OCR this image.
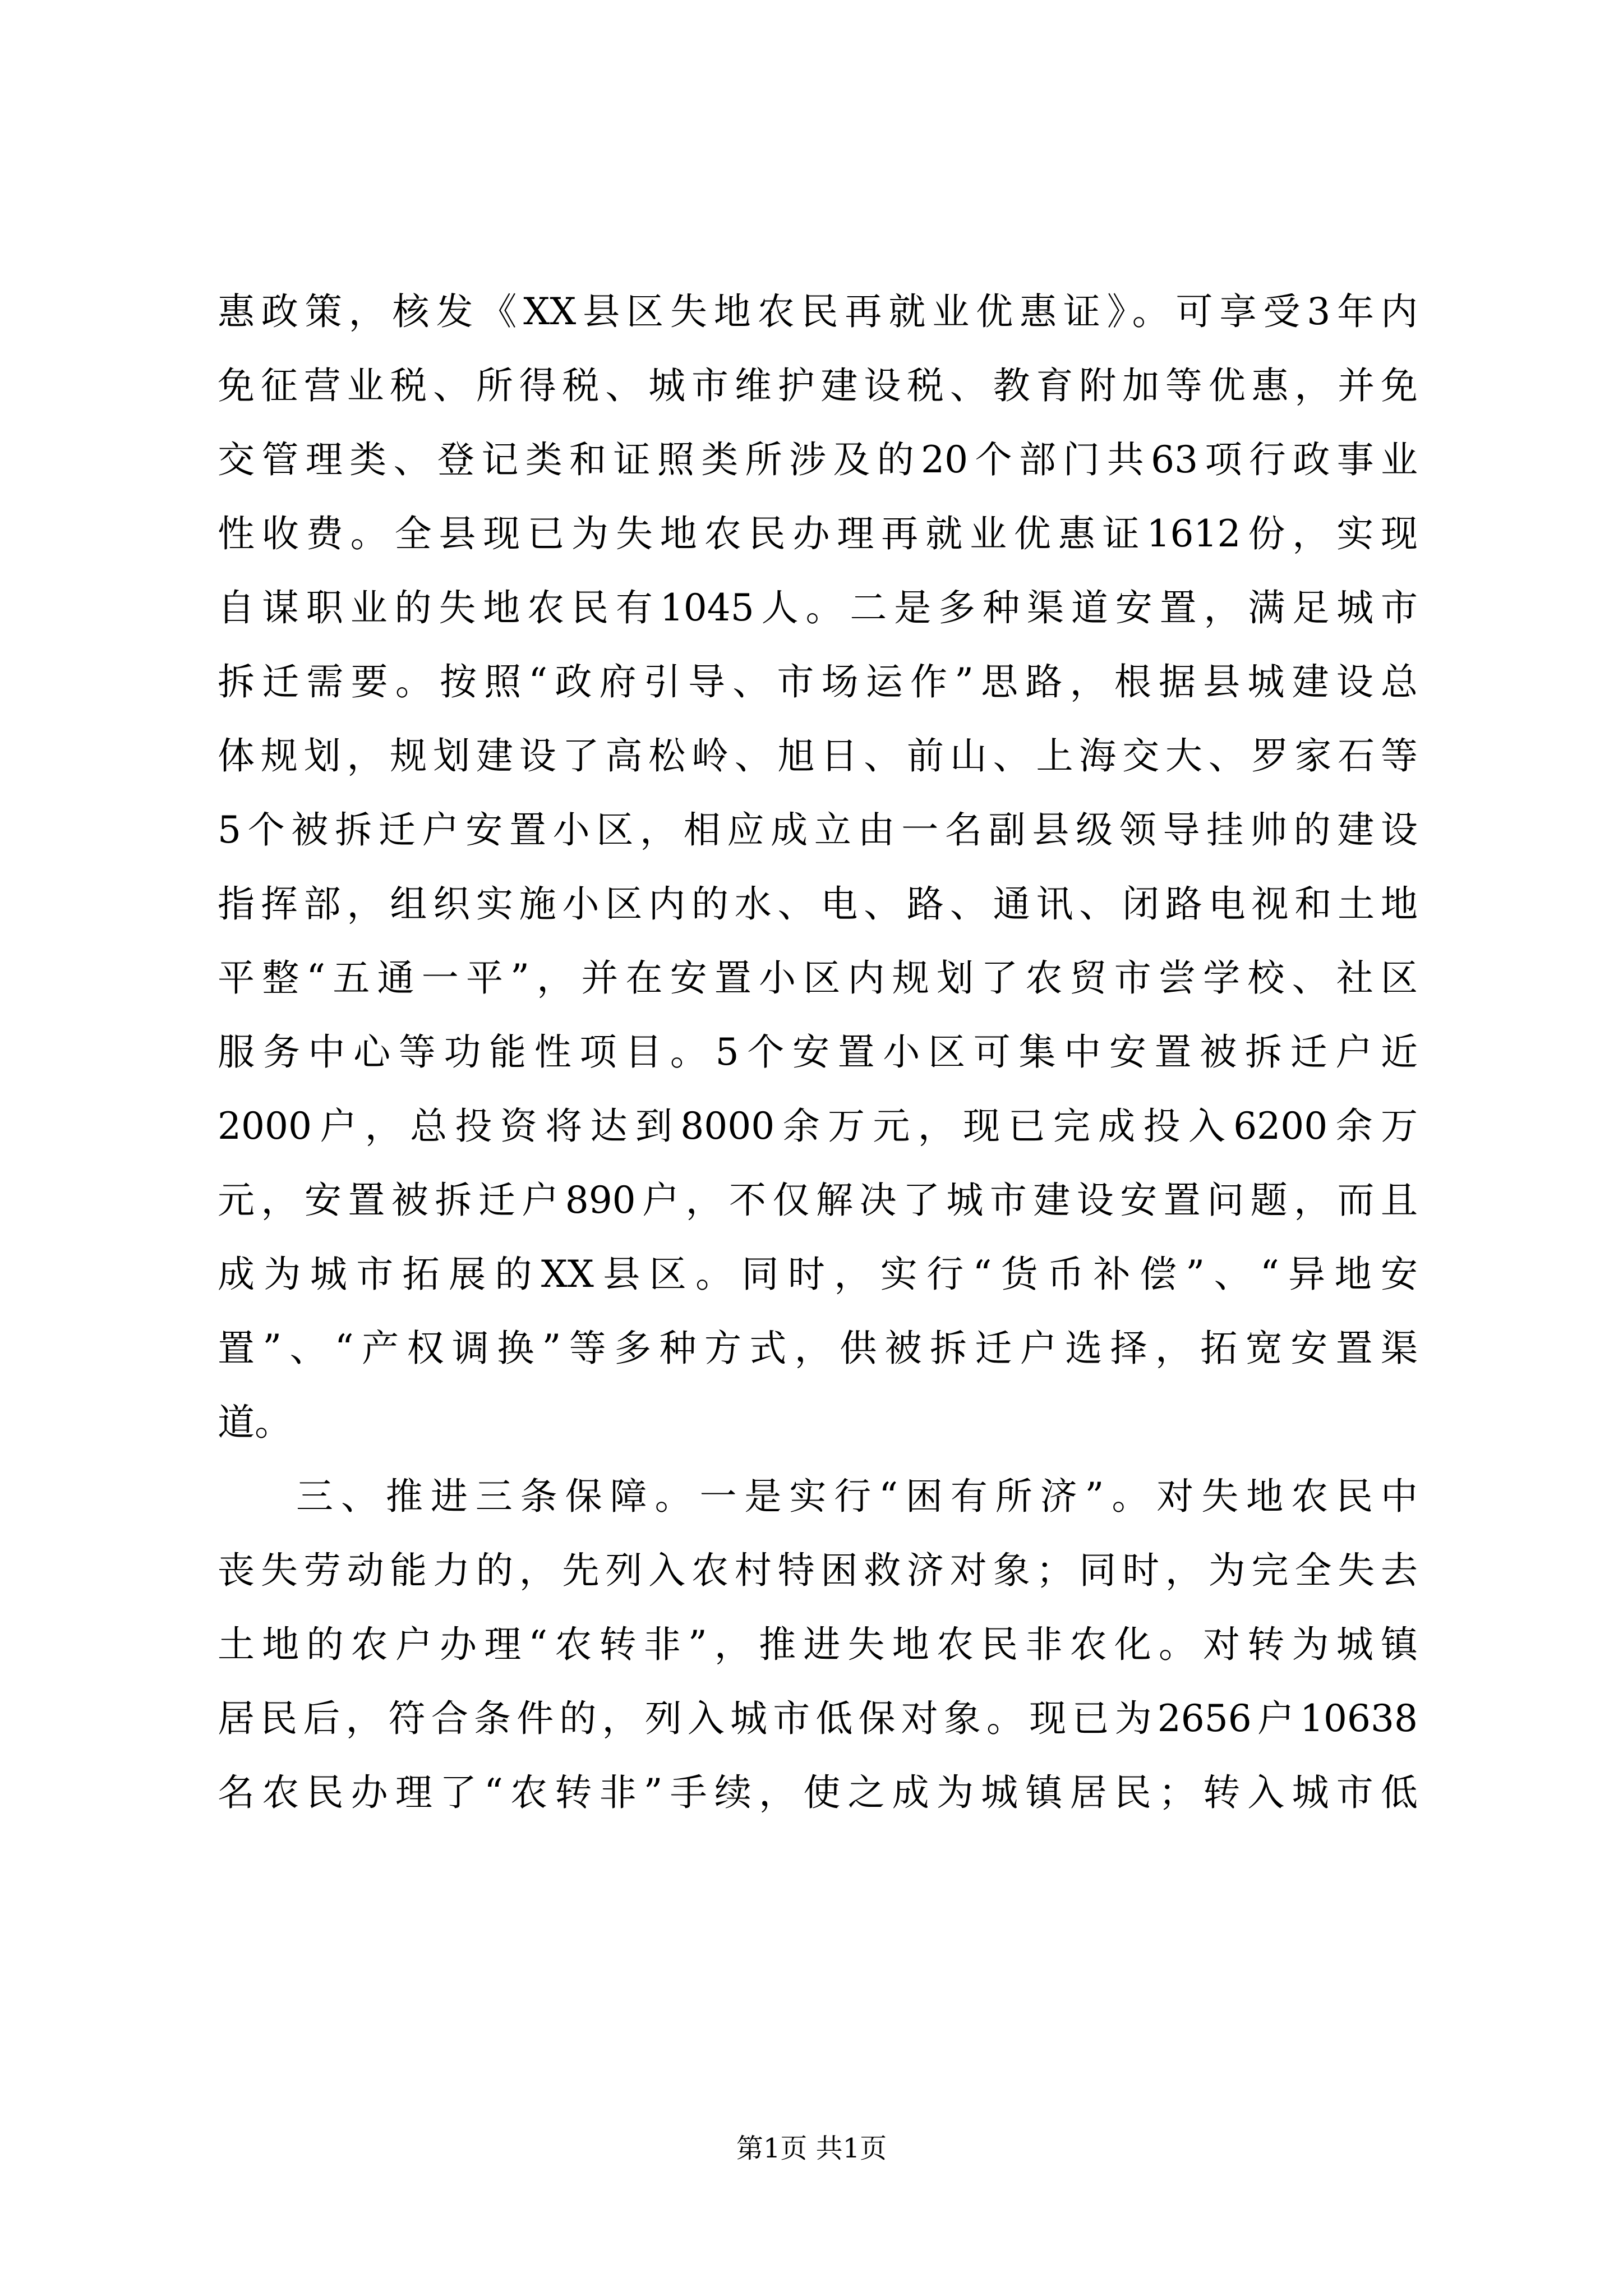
惠政策，核发《XX县区失地农民再就业优惠证》。可享受3年内
免征营业税、所得税、城市维护建设税、教育附加等优惠，并免
交管理类、登记类和证照类所涉及的20个部门共63项行政事业
性收费。全县现已为失地农民办理再就业优惠证1612份，实现
自谋职业的失地农民有1045人。二是多种渠道安置，满足城市
拆迁需要。按照“政府引导、市场运作”思路，根据县城建设总
体规划，规划建设了高松岭、旭日、前山、上海交大、罗家石等
5个被拆迁户安置小区，相应成立由一名副县级领导挂帅的建设
指挥部，组织实施小区内的水、电、路、通讯、闭路电视和土地
平整“五通一平”，并在安置小区内规划了农贸市尝学校、社区
服务中心等功能性项目。5个安置小区可集中安置被拆迁户近
2000户，总投资将达到8000余万元，现已完成投入6200余万
元，安置被拆迁户890户，不仅解决了城市建设安置问题，而且
成为城市拓展的XX县区。同时，实行“货币补偿”、“异地安
置”、“产权调换”等多种方式，供被拆迁户选择，拓宽安置渠
道。
三、推进三条保障。一是实行“困有所济”。对失地农民中
丧失劳动能力的，先列入农村特困救济对象；同时，为完全失去
土地的农户办理“农转非”，推进失地农民非农化。对转为城镇
居民后，符合条件的，列入城市低保对象。现已为2656户10638
名农民办理了“农转非”手续，使之成为城镇居民；转入城市低
第1页 共1页
